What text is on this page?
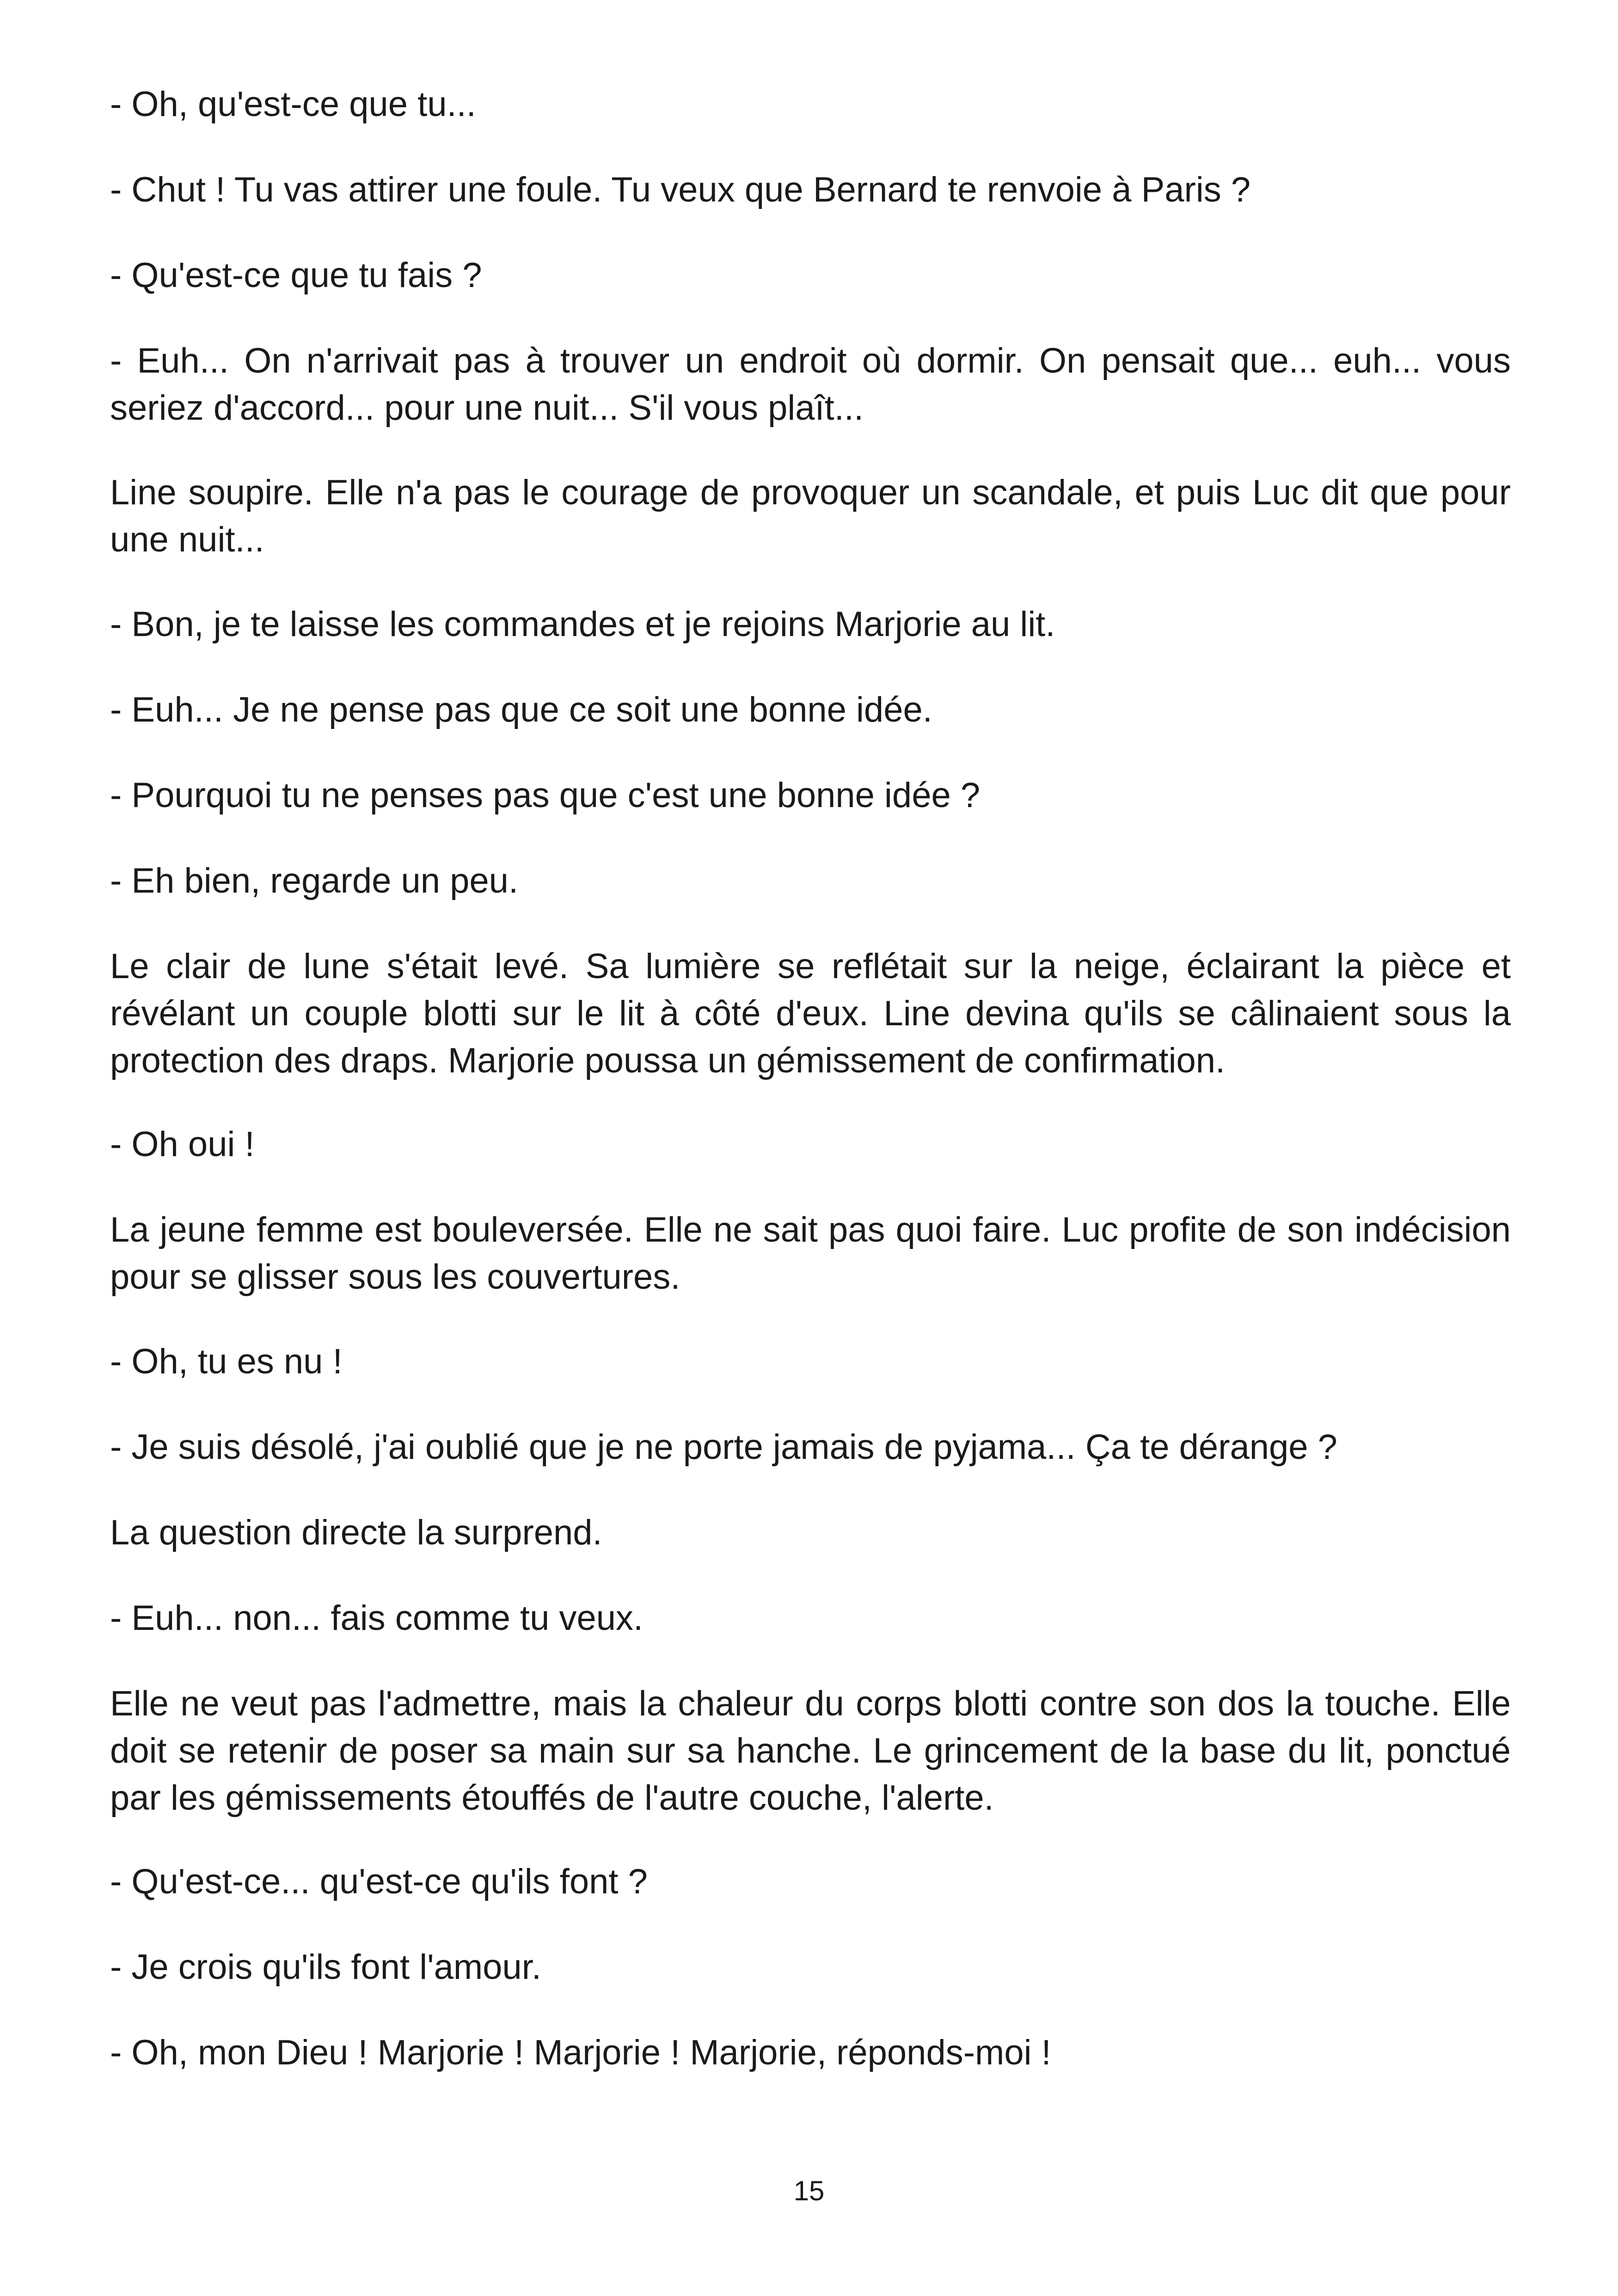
- Oh, qu'est-ce que tu...

- Chut ! Tu vas attirer une foule. Tu veux que Bernard te renvoie à Paris ?

- Qu'est-ce que tu fais ?

- Euh... On n'arrivait pas à trouver un endroit où dormir. On pensait que... euh... vous seriez d'accord... pour une nuit... S'il vous plaît...

Line soupire. Elle n'a pas le courage de provoquer un scandale, et puis Luc dit que pour une nuit...

- Bon, je te laisse les commandes et je rejoins Marjorie au lit.

- Euh... Je ne pense pas que ce soit une bonne idée.

- Pourquoi tu ne penses pas que c'est une bonne idée ?

- Eh bien, regarde un peu.

Le clair de lune s'était levé. Sa lumière se reflétait sur la neige, éclairant la pièce et révélant un couple blotti sur le lit à côté d'eux. Line devina qu'ils se câlinaient sous la protection des draps. Marjorie poussa un gémissement de confirmation.

- Oh oui !

La jeune femme est bouleversée. Elle ne sait pas quoi faire. Luc profite de son indécision pour se glisser sous les couvertures.

- Oh, tu es nu !

- Je suis désolé, j'ai oublié que je ne porte jamais de pyjama... Ça te dérange ?

La question directe la surprend.

- Euh... non... fais comme tu veux.

Elle ne veut pas l'admettre, mais la chaleur du corps blotti contre son dos la touche. Elle doit se retenir de poser sa main sur sa hanche. Le grincement de la base du lit, ponctué par les gémissements étouffés de l'autre couche, l'alerte.

- Qu'est-ce... qu'est-ce qu'ils font ?

- Je crois qu'ils font l'amour.

- Oh, mon Dieu ! Marjorie ! Marjorie ! Marjorie, réponds-moi !

15
